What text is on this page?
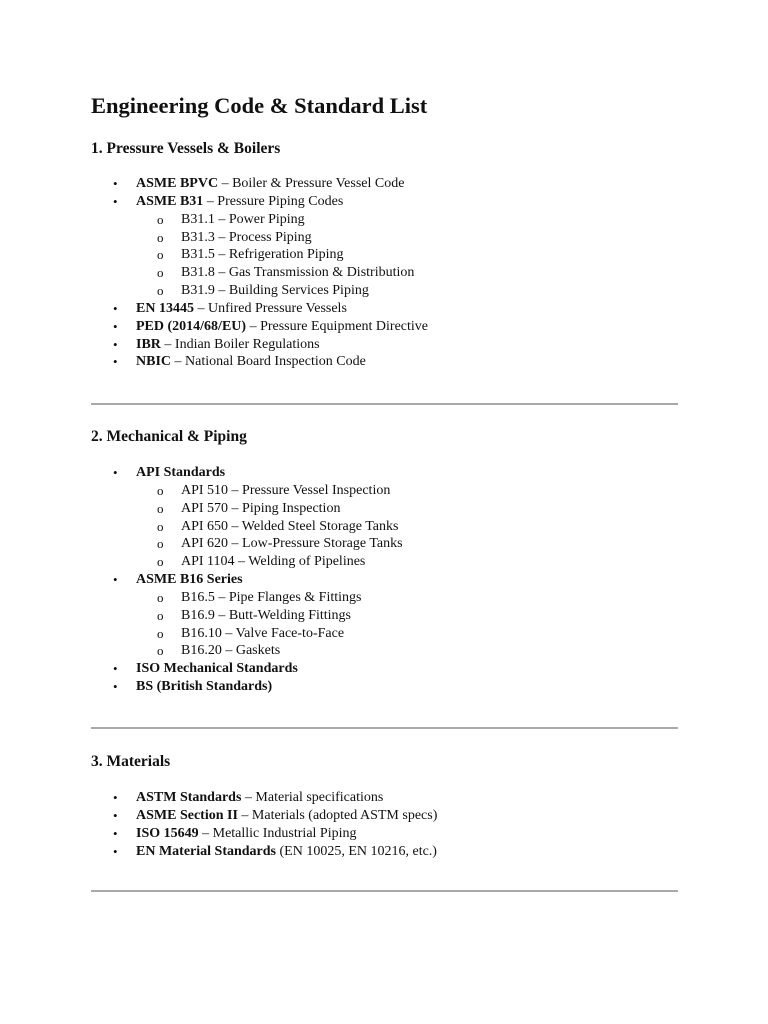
Engineering Code & Standard List
1. Pressure Vessels & Boilers
• ASME BPVC – Boiler & Pressure Vessel Code
• ASME B31 – Pressure Piping Codes
o B31.1 – Power Piping
o B31.3 – Process Piping
o B31.5 – Refrigeration Piping
o B31.8 – Gas Transmission & Distribution
o B31.9 – Building Services Piping
• EN 13445 – Unfired Pressure Vessels
• PED (2014/68/EU) – Pressure Equipment Directive
• IBR – Indian Boiler Regulations
• NBIC – National Board Inspection Code
2. Mechanical & Piping
• API Standards
o API 510 – Pressure Vessel Inspection
o API 570 – Piping Inspection
o API 650 – Welded Steel Storage Tanks
o API 620 – Low-Pressure Storage Tanks
o API 1104 – Welding of Pipelines
• ASME B16 Series
o B16.5 – Pipe Flanges & Fittings
o B16.9 – Butt-Welding Fittings
o B16.10 – Valve Face-to-Face
o B16.20 – Gaskets
• ISO Mechanical Standards
• BS (British Standards)
3. Materials
• ASTM Standards – Material specifications
• ASME Section II – Materials (adopted ASTM specs)
• ISO 15649 – Metallic Industrial Piping
• EN Material Standards (EN 10025, EN 10216, etc.)
